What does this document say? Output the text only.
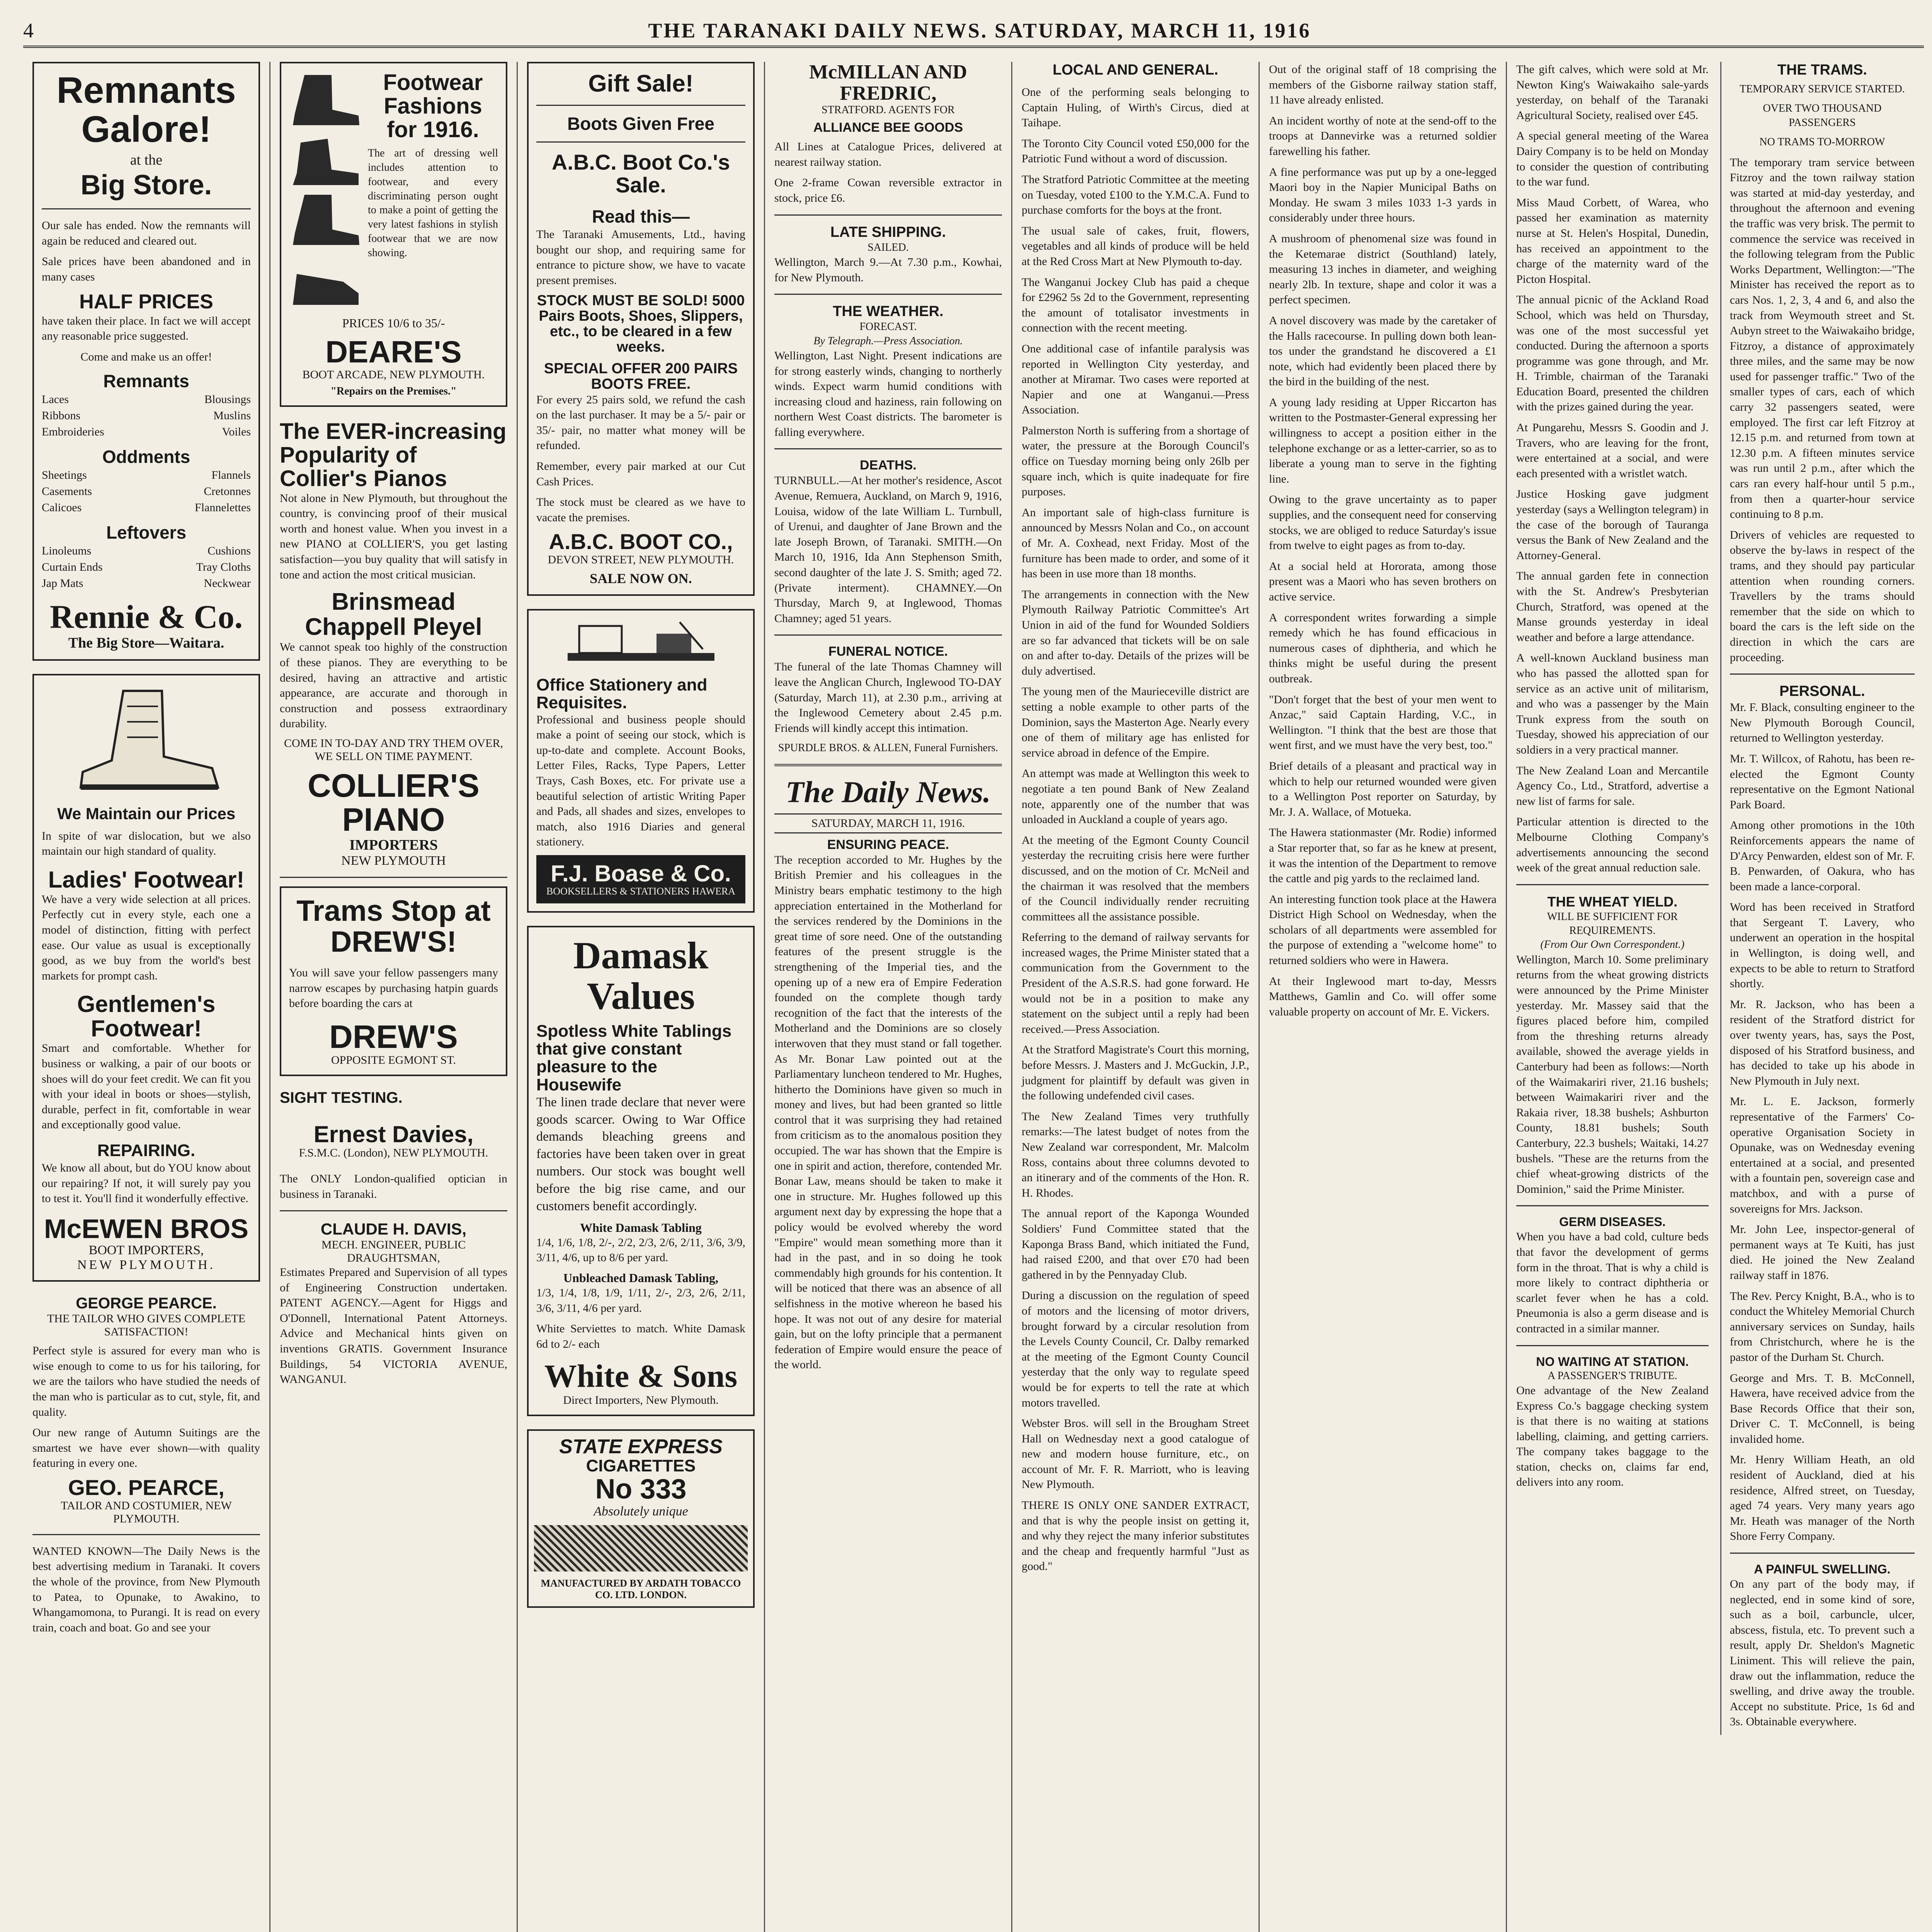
4	THE TARANAKI DAILY NEWS. SATURDAY, MARCH 11, 1916
Remnants Galore!
at the
Big Store.

Our sale has ended. Now the remnants will again be reduced and cleared out.

Sale prices have been abandoned and in many cases

HALF PRICES

have taken their place. In fact we will accept any reasonable price suggested.

Come and make us an offer!

Remnants
Laces	Blousings
Ribbons	Muslins
Embroideries	Voiles
Oddments
Sheetings	Flannels
Casements	Cretonnes
Calicoes	Flannelettes
Leftovers
Linoleums	Cushions
Curtain Ends	Tray Cloths
Jap Mats	Neckwear
Rennie & Co.
The Big Store—Waitara.
We Maintain our Prices

In spite of war dislocation, but we also maintain our high standard of quality.

Ladies' Footwear!

We have a very wide selection at all prices. Perfectly cut in every style, each one a model of distinction, fitting with perfect ease. Our value as usual is exceptionally good, as we buy from the world's best markets for prompt cash.

Gentlemen's Footwear!

Smart and comfortable. Whether for business or walking, a pair of our boots or shoes will do your feet credit. We can fit you with your ideal in boots or shoes—stylish, durable, perfect in fit, comfortable in wear and exceptionally good value.

REPAIRING.

We know all about, but do YOU know about our repairing? If not, it will surely pay you to test it. You'll find it wonderfully effective.

McEWEN BROS
BOOT IMPORTERS,
NEW PLYMOUTH.
GEORGE PEARCE.
THE TAILOR WHO GIVES COMPLETE SATISFACTION!

Perfect style is assured for every man who is wise enough to come to us for his tailoring, for we are the tailors who have studied the needs of the man who is particular as to cut, style, fit, and quality.

Our new range of Autumn Suitings are the smartest we have ever shown—with quality featuring in every one.

GEO. PEARCE,
TAILOR AND COSTUMIER, NEW PLYMOUTH.

WANTED KNOWN—The Daily News is the best advertising medium in Taranaki. It covers the whole of the province, from New Plymouth to Patea, to Opunake, to Awakino, to Whangamomona, to Purangi. It is read on every train, coach and boat. Go and see your

Footwear Fashions for 1916.

The art of dressing well includes attention to footwear, and every discriminating person ought to make a point of getting the very latest fashions in stylish footwear that we are now showing.

PRICES 10/6 to 35/-
DEARE'S
BOOT ARCADE, NEW PLYMOUTH.
"Repairs on the Premises."
The EVER-increasing Popularity of Collier's Pianos

Not alone in New Plymouth, but throughout the country, is convincing proof of their musical worth and honest value. When you invest in a new PIANO at COLLIER'S, you get lasting satisfaction—you buy quality that will satisfy in tone and action the most critical musician.

Brinsmead Chappell Pleyel

We cannot speak too highly of the construction of these pianos. They are everything to be desired, having an attractive and artistic appearance, are accurate and thorough in construction and possess extraordinary durability.

COME IN TO-DAY AND TRY THEM OVER, WE SELL ON TIME PAYMENT.
COLLIER'S PIANO
IMPORTERS
NEW PLYMOUTH
Trams Stop at DREW'S!

You will save your fellow passengers many narrow escapes by purchasing hatpin guards before boarding the cars at

DREW'S
OPPOSITE EGMONT ST.
SIGHT TESTING.
Ernest Davies,
F.S.M.C. (London), NEW PLYMOUTH.

The ONLY London-qualified optician in business in Taranaki.

CLAUDE H. DAVIS,
MECH. ENGINEER, PUBLIC DRAUGHTSMAN,

Estimates Prepared and Supervision of all types of Engineering Construction undertaken. PATENT AGENCY.—Agent for Higgs and O'Donnell, International Patent Attorneys. Advice and Mechanical hints given on inventions GRATIS. Government Insurance Buildings, 54 VICTORIA AVENUE, WANGANUI.

Gift Sale!
Boots Given Free
A.B.C. Boot Co.'s Sale.
Read this—

The Taranaki Amusements, Ltd., having bought our shop, and requiring same for entrance to picture show, we have to vacate present premises.

STOCK MUST BE SOLD! 5000 Pairs Boots, Shoes, Slippers, etc., to be cleared in a few weeks.
SPECIAL OFFER 200 PAIRS BOOTS FREE.

For every 25 pairs sold, we refund the cash on the last purchaser. It may be a 5/- pair or 35/- pair, no matter what money will be refunded.

Remember, every pair marked at our Cut Cash Prices.

The stock must be cleared as we have to vacate the premises.

A.B.C. BOOT CO.,
DEVON STREET, NEW PLYMOUTH.
SALE NOW ON.
Office Stationery and Requisites.

Professional and business people should make a point of seeing our stock, which is up-to-date and complete. Account Books, Letter Files, Racks, Type Papers, Letter Trays, Cash Boxes, etc. For private use a beautiful selection of artistic Writing Paper and Pads, all shades and sizes, envelopes to match, also 1916 Diaries and general stationery.

F.J. Boase & Co.
BOOKSELLERS & STATIONERS HAWERA
Damask Values
Spotless White Tablings that give constant pleasure to the Housewife

The linen trade declare that never were goods scarcer. Owing to War Office demands bleaching greens and factories have been taken over in great numbers. Our stock was bought well before the big rise came, and our customers benefit accordingly.

White Damask Tabling

1/4, 1/6, 1/8, 2/-, 2/2, 2/3, 2/6, 2/11, 3/6, 3/9, 3/11, 4/6, up to 8/6 per yard.

Unbleached Damask Tabling,

1/3, 1/4, 1/8, 1/9, 1/11, 2/-, 2/3, 2/6, 2/11, 3/6, 3/11, 4/6 per yard.

White Serviettes to match. White Damask 6d to 2/- each

White & Sons
Direct Importers, New Plymouth.
STATE EXPRESS
CIGARETTES
No 333
Absolutely unique
MANUFACTURED BY ARDATH TOBACCO CO. LTD. LONDON.
McMILLAN AND FREDRIC,
STRATFORD. AGENTS FOR
ALLIANCE BEE GOODS

All Lines at Catalogue Prices, delivered at nearest railway station.

One 2-frame Cowan reversible extractor in stock, price £6.

LATE SHIPPING.
SAILED.

Wellington, March 9.—At 7.30 p.m., Kowhai, for New Plymouth.

THE WEATHER.
FORECAST.
By Telegraph.—Press Association.

Wellington, Last Night. Present indications are for strong easterly winds, changing to northerly winds. Expect warm humid conditions with increasing cloud and haziness, rain following on northern West Coast districts. The barometer is falling everywhere.

DEATHS.

TURNBULL.—At her mother's residence, Ascot Avenue, Remuera, Auckland, on March 9, 1916, Louisa, widow of the late William L. Turnbull, of Urenui, and daughter of Jane Brown and the late Joseph Brown, of Taranaki. SMITH.—On March 10, 1916, Ida Ann Stephenson Smith, second daughter of the late J. S. Smith; aged 72. (Private interment). CHAMNEY.—On Thursday, March 9, at Inglewood, Thomas Chamney; aged 51 years.

FUNERAL NOTICE.

The funeral of the late Thomas Chamney will leave the Anglican Church, Inglewood TO-DAY (Saturday, March 11), at 2.30 p.m., arriving at the Inglewood Cemetery about 2.45 p.m. Friends will kindly accept this intimation.

SPURDLE BROS. & ALLEN, Funeral Furnishers.
The Daily News.
SATURDAY, MARCH 11, 1916.
ENSURING PEACE.

The reception accorded to Mr. Hughes by the British Premier and his colleagues in the Ministry bears emphatic testimony to the high appreciation entertained in the Motherland for the services rendered by the Dominions in the great time of sore need. One of the outstanding features of the present struggle is the strengthening of the Imperial ties, and the opening up of a new era of Empire Federation founded on the complete though tardy recognition of the fact that the interests of the Motherland and the Dominions are so closely interwoven that they must stand or fall together. As Mr. Bonar Law pointed out at the Parliamentary luncheon tendered to Mr. Hughes, hitherto the Dominions have given so much in money and lives, but had been granted so little control that it was surprising they had retained from criticism as to the anomalous position they occupied. The war has shown that the Empire is one in spirit and action, therefore, contended Mr. Bonar Law, means should be taken to make it one in structure. Mr. Hughes followed up this argument next day by expressing the hope that a policy would be evolved whereby the word "Empire" would mean something more than it had in the past, and in so doing he took commendably high grounds for his contention. It will be noticed that there was an absence of all selfishness in the motive whereon he based his hope. It was not out of any desire for material gain, but on the lofty principle that a permanent federation of Empire would ensure the peace of the world.

LOCAL AND GENERAL.

One of the performing seals belonging to Captain Huling, of Wirth's Circus, died at Taihape.

The Toronto City Council voted £50,000 for the Patriotic Fund without a word of discussion.

The Stratford Patriotic Committee at the meeting on Tuesday, voted £100 to the Y.M.C.A. Fund to purchase comforts for the boys at the front.

The usual sale of cakes, fruit, flowers, vegetables and all kinds of produce will be held at the Red Cross Mart at New Plymouth to-day.

The Wanganui Jockey Club has paid a cheque for £2962 5s 2d to the Government, representing the amount of totalisator investments in connection with the recent meeting.

One additional case of infantile paralysis was reported in Wellington City yesterday, and another at Miramar. Two cases were reported at Napier and one at Wanganui.—Press Association.

Palmerston North is suffering from a shortage of water, the pressure at the Borough Council's office on Tuesday morning being only 26lb per square inch, which is quite inadequate for fire purposes.

An important sale of high-class furniture is announced by Messrs Nolan and Co., on account of Mr. A. Coxhead, next Friday. Most of the furniture has been made to order, and some of it has been in use more than 18 months.

The arrangements in connection with the New Plymouth Railway Patriotic Committee's Art Union in aid of the fund for Wounded Soldiers are so far advanced that tickets will be on sale on and after to-day. Details of the prizes will be duly advertised.

The young men of the Maurieceville district are setting a noble example to other parts of the Dominion, says the Masterton Age. Nearly every one of them of military age has enlisted for service abroad in defence of the Empire.

An attempt was made at Wellington this week to negotiate a ten pound Bank of New Zealand note, apparently one of the number that was unloaded in Auckland a couple of years ago.

At the meeting of the Egmont County Council yesterday the recruiting crisis here were further discussed, and on the motion of Cr. McNeil and the chairman it was resolved that the members of the Council individually render recruiting committees all the assistance possible.

Referring to the demand of railway servants for increased wages, the Prime Minister stated that a communication from the Government to the President of the A.S.R.S. had gone forward. He would not be in a position to make any statement on the subject until a reply had been received.—Press Association.

At the Stratford Magistrate's Court this morning, before Messrs. J. Masters and J. McGuckin, J.P., judgment for plaintiff by default was given in the following undefended civil cases.

The New Zealand Times very truthfully remarks:—The latest budget of notes from the New Zealand war correspondent, Mr. Malcolm Ross, contains about three columns devoted to an itinerary and of the comments of the Hon. R. H. Rhodes.

The annual report of the Kaponga Wounded Soldiers' Fund Committee stated that the Kaponga Brass Band, which initiated the Fund, had raised £200, and that over £70 had been gathered in by the Pennyaday Club.

During a discussion on the regulation of speed of motors and the licensing of motor drivers, brought forward by a circular resolution from the Levels County Council, Cr. Dalby remarked at the meeting of the Egmont County Council yesterday that the only way to regulate speed would be for experts to tell the rate at which motors travelled.

Webster Bros. will sell in the Brougham Street Hall on Wednesday next a good catalogue of new and modern house furniture, etc., on account of Mr. F. R. Marriott, who is leaving New Plymouth.

THERE IS ONLY ONE SANDER EXTRACT, and that is why the people insist on getting it, and why they reject the many inferior substitutes and the cheap and frequently harmful "Just as good."

Out of the original staff of 18 comprising the members of the Gisborne railway station staff, 11 have already enlisted.

An incident worthy of note at the send-off to the troops at Dannevirke was a returned soldier farewelling his father.

A fine performance was put up by a one-legged Maori boy in the Napier Municipal Baths on Monday. He swam 3 miles 1033 1-3 yards in considerably under three hours.

A mushroom of phenomenal size was found in the Ketemarae district (Southland) lately, measuring 13 inches in diameter, and weighing nearly 2lb. In texture, shape and color it was a perfect specimen.

A novel discovery was made by the caretaker of the Halls racecourse. In pulling down both lean-tos under the grandstand he discovered a £1 note, which had evidently been placed there by the bird in the building of the nest.

A young lady residing at Upper Riccarton has written to the Postmaster-General expressing her willingness to accept a position either in the telephone exchange or as a letter-carrier, so as to liberate a young man to serve in the fighting line.

Owing to the grave uncertainty as to paper supplies, and the consequent need for conserving stocks, we are obliged to reduce Saturday's issue from twelve to eight pages as from to-day.

At a social held at Hororata, among those present was a Maori who has seven brothers on active service.

A correspondent writes forwarding a simple remedy which he has found efficacious in numerous cases of diphtheria, and which he thinks might be useful during the present outbreak.

"Don't forget that the best of your men went to Anzac," said Captain Harding, V.C., in Wellington. "I think that the best are those that went first, and we must have the very best, too."

Brief details of a pleasant and practical way in which to help our returned wounded were given to a Wellington Post reporter on Saturday, by Mr. J. A. Wallace, of Motueka.

The Hawera stationmaster (Mr. Rodie) informed a Star reporter that, so far as he knew at present, it was the intention of the Department to remove the cattle and pig yards to the reclaimed land.

An interesting function took place at the Hawera District High School on Wednesday, when the scholars of all departments were assembled for the purpose of extending a "welcome home" to returned soldiers who were in Hawera.

At their Inglewood mart to-day, Messrs Matthews, Gamlin and Co. will offer some valuable property on account of Mr. E. Vickers.

The gift calves, which were sold at Mr. Newton King's Waiwakaiho sale-yards yesterday, on behalf of the Taranaki Agricultural Society, realised over £45.

A special general meeting of the Warea Dairy Company is to be held on Monday to consider the question of contributing to the war fund.

Miss Maud Corbett, of Warea, who passed her examination as maternity nurse at St. Helen's Hospital, Dunedin, has received an appointment to the charge of the maternity ward of the Picton Hospital.

The annual picnic of the Ackland Road School, which was held on Thursday, was one of the most successful yet conducted. During the afternoon a sports programme was gone through, and Mr. H. Trimble, chairman of the Taranaki Education Board, presented the children with the prizes gained during the year.

At Pungarehu, Messrs S. Goodin and J. Travers, who are leaving for the front, were entertained at a social, and were each presented with a wristlet watch.

Justice Hosking gave judgment yesterday (says a Wellington telegram) in the case of the borough of Tauranga versus the Bank of New Zealand and the Attorney-General.

The annual garden fete in connection with the St. Andrew's Presbyterian Church, Stratford, was opened at the Manse grounds yesterday in ideal weather and before a large attendance.

A well-known Auckland business man who has passed the allotted span for service as an active unit of militarism, and who was a passenger by the Main Trunk express from the south on Tuesday, showed his appreciation of our soldiers in a very practical manner.

The New Zealand Loan and Mercantile Agency Co., Ltd., Stratford, advertise a new list of farms for sale.

Particular attention is directed to the Melbourne Clothing Company's advertisements announcing the second week of the great annual reduction sale.

THE WHEAT YIELD.
WILL BE SUFFICIENT FOR REQUIREMENTS.
(From Our Own Correspondent.)

Wellington, March 10. Some preliminary returns from the wheat growing districts were announced by the Prime Minister yesterday. Mr. Massey said that the figures placed before him, compiled from the threshing returns already available, showed the average yields in Canterbury had been as follows:—North of the Waimakariri river, 21.16 bushels; between Waimakariri river and the Rakaia river, 18.38 bushels; Ashburton County, 18.81 bushels; South Canterbury, 22.3 bushels; Waitaki, 14.27 bushels. "These are the returns from the chief wheat-growing districts of the Dominion," said the Prime Minister.

GERM DISEASES.

When you have a bad cold, culture beds that favor the development of germs form in the throat. That is why a child is more likely to contract diphtheria or scarlet fever when he has a cold. Pneumonia is also a germ disease and is contracted in a similar manner.

NO WAITING AT STATION.
A PASSENGER'S TRIBUTE.

One advantage of the New Zealand Express Co.'s baggage checking system is that there is no waiting at stations labelling, claiming, and getting carriers. The company takes baggage to the station, checks on, claims far end, delivers into any room.

THE TRAMS.
TEMPORARY SERVICE STARTED.
OVER TWO THOUSAND PASSENGERS
NO TRAMS TO-MORROW

The temporary tram service between Fitzroy and the town railway station was started at mid-day yesterday, and throughout the afternoon and evening the traffic was very brisk. The permit to commence the service was received in the following telegram from the Public Works Department, Wellington:—"The Minister has received the report as to cars Nos. 1, 2, 3, 4 and 6, and also the track from Weymouth street and St. Aubyn street to the Waiwakaiho bridge, Fitzroy, a distance of approximately three miles, and the same may be now used for passenger traffic." Two of the smaller types of cars, each of which carry 32 passengers seated, were employed. The first car left Fitzroy at 12.15 p.m. and returned from town at 12.30 p.m. A fifteen minutes service was run until 2 p.m., after which the cars ran every half-hour until 5 p.m., from then a quarter-hour service continuing to 8 p.m.

Drivers of vehicles are requested to observe the by-laws in respect of the trams, and they should pay particular attention when rounding corners. Travellers by the trams should remember that the side on which to board the cars is the left side on the direction in which the cars are proceeding.

PERSONAL.

Mr. F. Black, consulting engineer to the New Plymouth Borough Council, returned to Wellington yesterday.

Mr. T. Willcox, of Rahotu, has been re-elected the Egmont County representative on the Egmont National Park Board.

Among other promotions in the 10th Reinforcements appears the name of D'Arcy Penwarden, eldest son of Mr. F. B. Penwarden, of Oakura, who has been made a lance-corporal.

Word has been received in Stratford that Sergeant T. Lavery, who underwent an operation in the hospital in Wellington, is doing well, and expects to be able to return to Stratford shortly.

Mr. R. Jackson, who has been a resident of the Stratford district for over twenty years, has, says the Post, disposed of his Stratford business, and has decided to take up his abode in New Plymouth in July next.

Mr. L. E. Jackson, formerly representative of the Farmers' Co-operative Organisation Society in Opunake, was on Wednesday evening entertained at a social, and presented with a fountain pen, sovereign case and matchbox, and with a purse of sovereigns for Mrs. Jackson.

Mr. John Lee, inspector-general of permanent ways at Te Kuiti, has just died. He joined the New Zealand railway staff in 1876.

The Rev. Percy Knight, B.A., who is to conduct the Whiteley Memorial Church anniversary services on Sunday, hails from Christchurch, where he is the pastor of the Durham St. Church.

George and Mrs. T. B. McConnell, Hawera, have received advice from the Base Records Office that their son, Driver C. T. McConnell, is being invalided home.

Mr. Henry William Heath, an old resident of Auckland, died at his residence, Alfred street, on Tuesday, aged 74 years. Very many years ago Mr. Heath was manager of the North Shore Ferry Company.

A PAINFUL SWELLING.

On any part of the body may, if neglected, end in some kind of sore, such as a boil, carbuncle, ulcer, abscess, fistula, etc. To prevent such a result, apply Dr. Sheldon's Magnetic Liniment. This will relieve the pain, draw out the inflammation, reduce the swelling, and drive away the trouble. Accept no substitute. Price, 1s 6d and 3s. Obtainable everywhere.
